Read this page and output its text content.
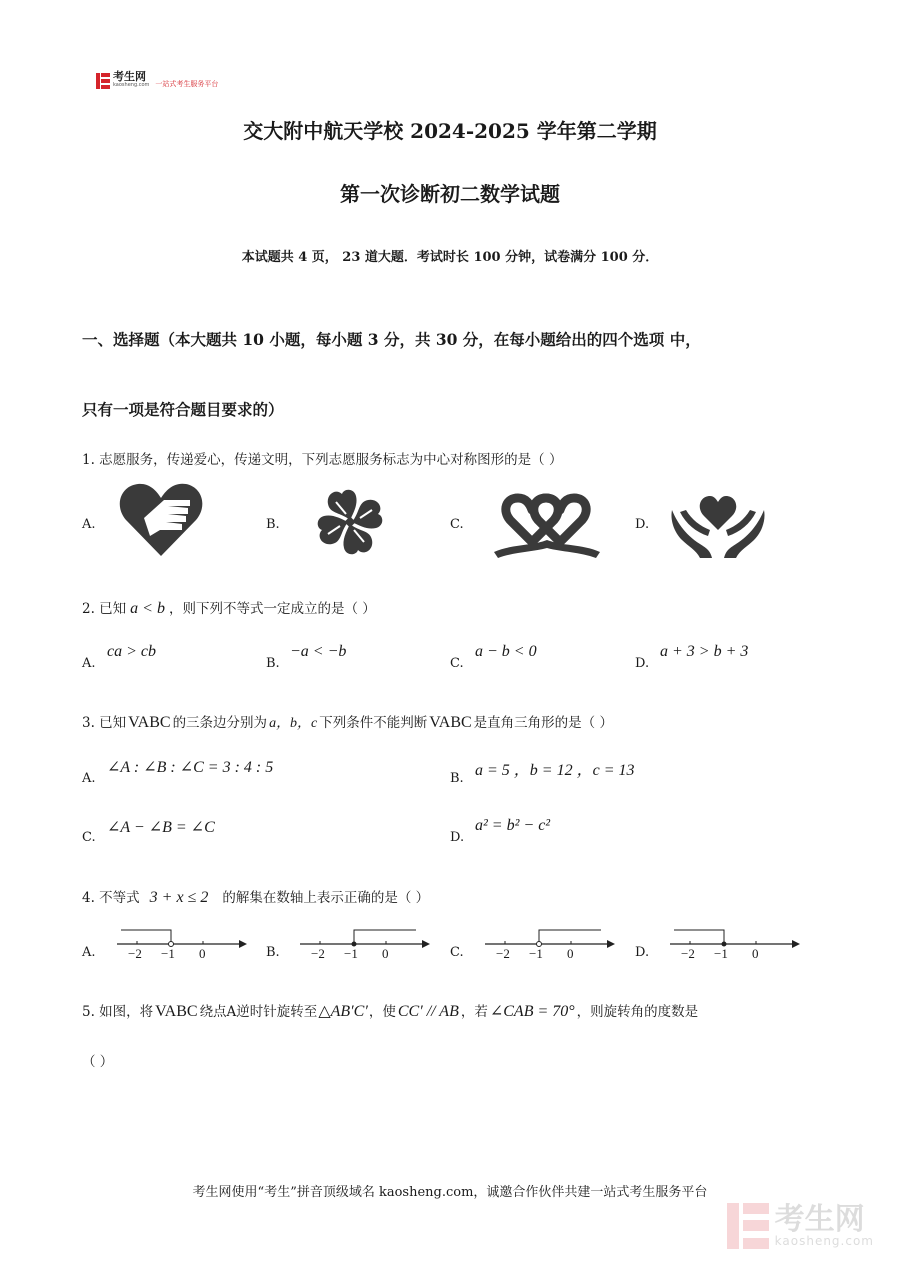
考生网
kaosheng.com 一站式考生服务平台
交大附中航天学校 2024-2025 学年第二学期
第一次诊断初二数学试题
本试题共 4 页， 23 道大题．考试时长 100 分钟，试卷满分 100 分．
一、选择题（本大题共 10 小题，每小题 3 分，共 30 分，在每小题给出的四个选项 中，
只有一项是符合题目要求的）
1. 志愿服务，传递爱心，传递文明，下列志愿服务标志为中心对称图形的是（ ）
A.	B.	C.	D.
2. 已知 a < b ，则下列不等式一定成立的是（ ）
A.
ca > cb
B.
−a < −b
C.
a − b < 0
D.
a + 3 > b + 3
3. 已知 VABC 的三条边分别为 a，b，c 下列条件不能判断 VABC 是直角三角形的是（ ）
A.
∠A : ∠B : ∠C = 3 : 4 : 5
B. a = 5 ，b = 12 ，c = 13
C.
∠A − ∠B = ∠C
D.
a² = b² − c²
4. 不等式 3 + x ≤ 2 的解集在数轴上表示正确的是（ ）
A. −2 −1 0	B. −2 −1 0	C. −2 −1 0	D. −2 −1 0
5. 如图，将 VABC 绕点A逆时针旋转至 △AB′C′ ，使 CC′ // AB ，若 ∠CAB = 70° ，则旋转角的度数是
（ ）
考生网使用“考生”拼音顶级域名 kaosheng.com，诚邀合作伙伴共建一站式考生服务平台
考生网
kaosheng.com
